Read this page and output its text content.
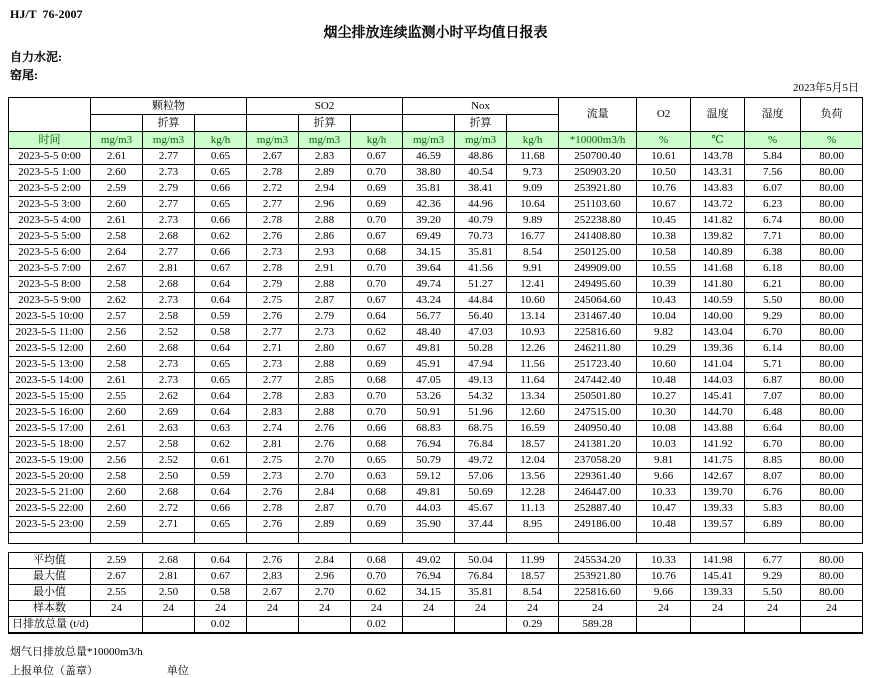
HJ/T  76-2007
烟尘排放连续监测小时平均值日报表
自力水泥:
窑尾:
2023年5月5日
	颗粒物			SO2			Nox			流量	O2	温度	湿度	负荷
		折算			折算			折算						
时间	mg/m3	mg/m3	kg/h	mg/m3	mg/m3	kg/h	mg/m3	mg/m3	kg/h	*10000m3/h	%	℃	%	%
2023-5-5 0:00	2.61	2.77	0.65	2.67	2.83	0.67	46.59	48.86	11.68	250700.40	10.61	143.78	5.84	80.00
2023-5-5 1:00	2.60	2.73	0.65	2.78	2.89	0.70	38.80	40.54	9.73	250903.20	10.50	143.31	7.56	80.00
2023-5-5 2:00	2.59	2.79	0.66	2.72	2.94	0.69	35.81	38.41	9.09	253921.80	10.76	143.83	6.07	80.00
2023-5-5 3:00	2.60	2.77	0.65	2.77	2.96	0.69	42.36	44.96	10.64	251103.60	10.67	143.72	6.23	80.00
2023-5-5 4:00	2.61	2.73	0.66	2.78	2.88	0.70	39.20	40.79	9.89	252238.80	10.45	141.82	6.74	80.00
2023-5-5 5:00	2.58	2.68	0.62	2.76	2.86	0.67	69.49	70.73	16.77	241408.80	10.38	139.82	7.71	80.00
2023-5-5 6:00	2.64	2.77	0.66	2.73	2.93	0.68	34.15	35.81	8.54	250125.00	10.58	140.89	6.38	80.00
2023-5-5 7:00	2.67	2.81	0.67	2.78	2.91	0.70	39.64	41.56	9.91	249909.00	10.55	141.68	6.18	80.00
2023-5-5 8:00	2.58	2.68	0.64	2.79	2.88	0.70	49.74	51.27	12.41	249495.60	10.39	141.80	6.21	80.00
2023-5-5 9:00	2.62	2.73	0.64	2.75	2.87	0.67	43.24	44.84	10.60	245064.60	10.43	140.59	5.50	80.00
2023-5-5 10:00	2.57	2.58	0.59	2.76	2.79	0.64	56.77	56.40	13.14	231467.40	10.04	140.00	9.29	80.00
2023-5-5 11:00	2.56	2.52	0.58	2.77	2.73	0.62	48.40	47.03	10.93	225816.60	9.82	143.04	6.70	80.00
2023-5-5 12:00	2.60	2.68	0.64	2.71	2.80	0.67	49.81	50.28	12.26	246211.80	10.29	139.36	6.14	80.00
2023-5-5 13:00	2.58	2.73	0.65	2.73	2.88	0.69	45.91	47.94	11.56	251723.40	10.60	141.04	5.71	80.00
2023-5-5 14:00	2.61	2.73	0.65	2.77	2.85	0.68	47.05	49.13	11.64	247442.40	10.48	144.03	6.87	80.00
2023-5-5 15:00	2.55	2.62	0.64	2.78	2.83	0.70	53.26	54.32	13.34	250501.80	10.27	145.41	7.07	80.00
2023-5-5 16:00	2.60	2.69	0.64	2.83	2.88	0.70	50.91	51.96	12.60	247515.00	10.30	144.70	6.48	80.00
2023-5-5 17:00	2.61	2.63	0.63	2.74	2.76	0.66	68.83	68.75	16.59	240950.40	10.08	143.88	6.64	80.00
2023-5-5 18:00	2.57	2.58	0.62	2.81	2.76	0.68	76.94	76.84	18.57	241381.20	10.03	141.92	6.70	80.00
2023-5-5 19:00	2.56	2.52	0.61	2.75	2.70	0.65	50.79	49.72	12.04	237058.20	9.81	141.75	8.85	80.00
2023-5-5 20:00	2.58	2.50	0.59	2.73	2.70	0.63	59.12	57.06	13.56	229361.40	9.66	142.67	8.07	80.00
2023-5-5 21:00	2.60	2.68	0.64	2.76	2.84	0.68	49.81	50.69	12.28	246447.00	10.33	139.70	6.76	80.00
2023-5-5 22:00	2.60	2.72	0.66	2.78	2.87	0.70	44.03	45.67	11.13	252887.40	10.47	139.33	5.83	80.00
2023-5-5 23:00	2.59	2.71	0.65	2.76	2.89	0.69	35.90	37.44	8.95	249186.00	10.48	139.57	6.89	80.00

平均值	2.59	2.68	0.64	2.76	2.84	0.68	49.02	50.04	11.99	245534.20	10.33	141.98	6.77	80.00
最大值	2.67	2.81	0.67	2.83	2.96	0.70	76.94	76.84	18.57	253921.80	10.76	145.41	9.29	80.00
最小值	2.55	2.50	0.58	2.67	2.70	0.62	34.15	35.81	8.54	225816.60	9.66	139.33	5.50	80.00
样本数	24	24	24	24	24	24	24	24	24	24	24	24	24	24
日排放总量 (t/d)			0.02			0.02			0.29	589.28				
烟气日排放总量*10000m3/h
上报单位（盖章）	单位
